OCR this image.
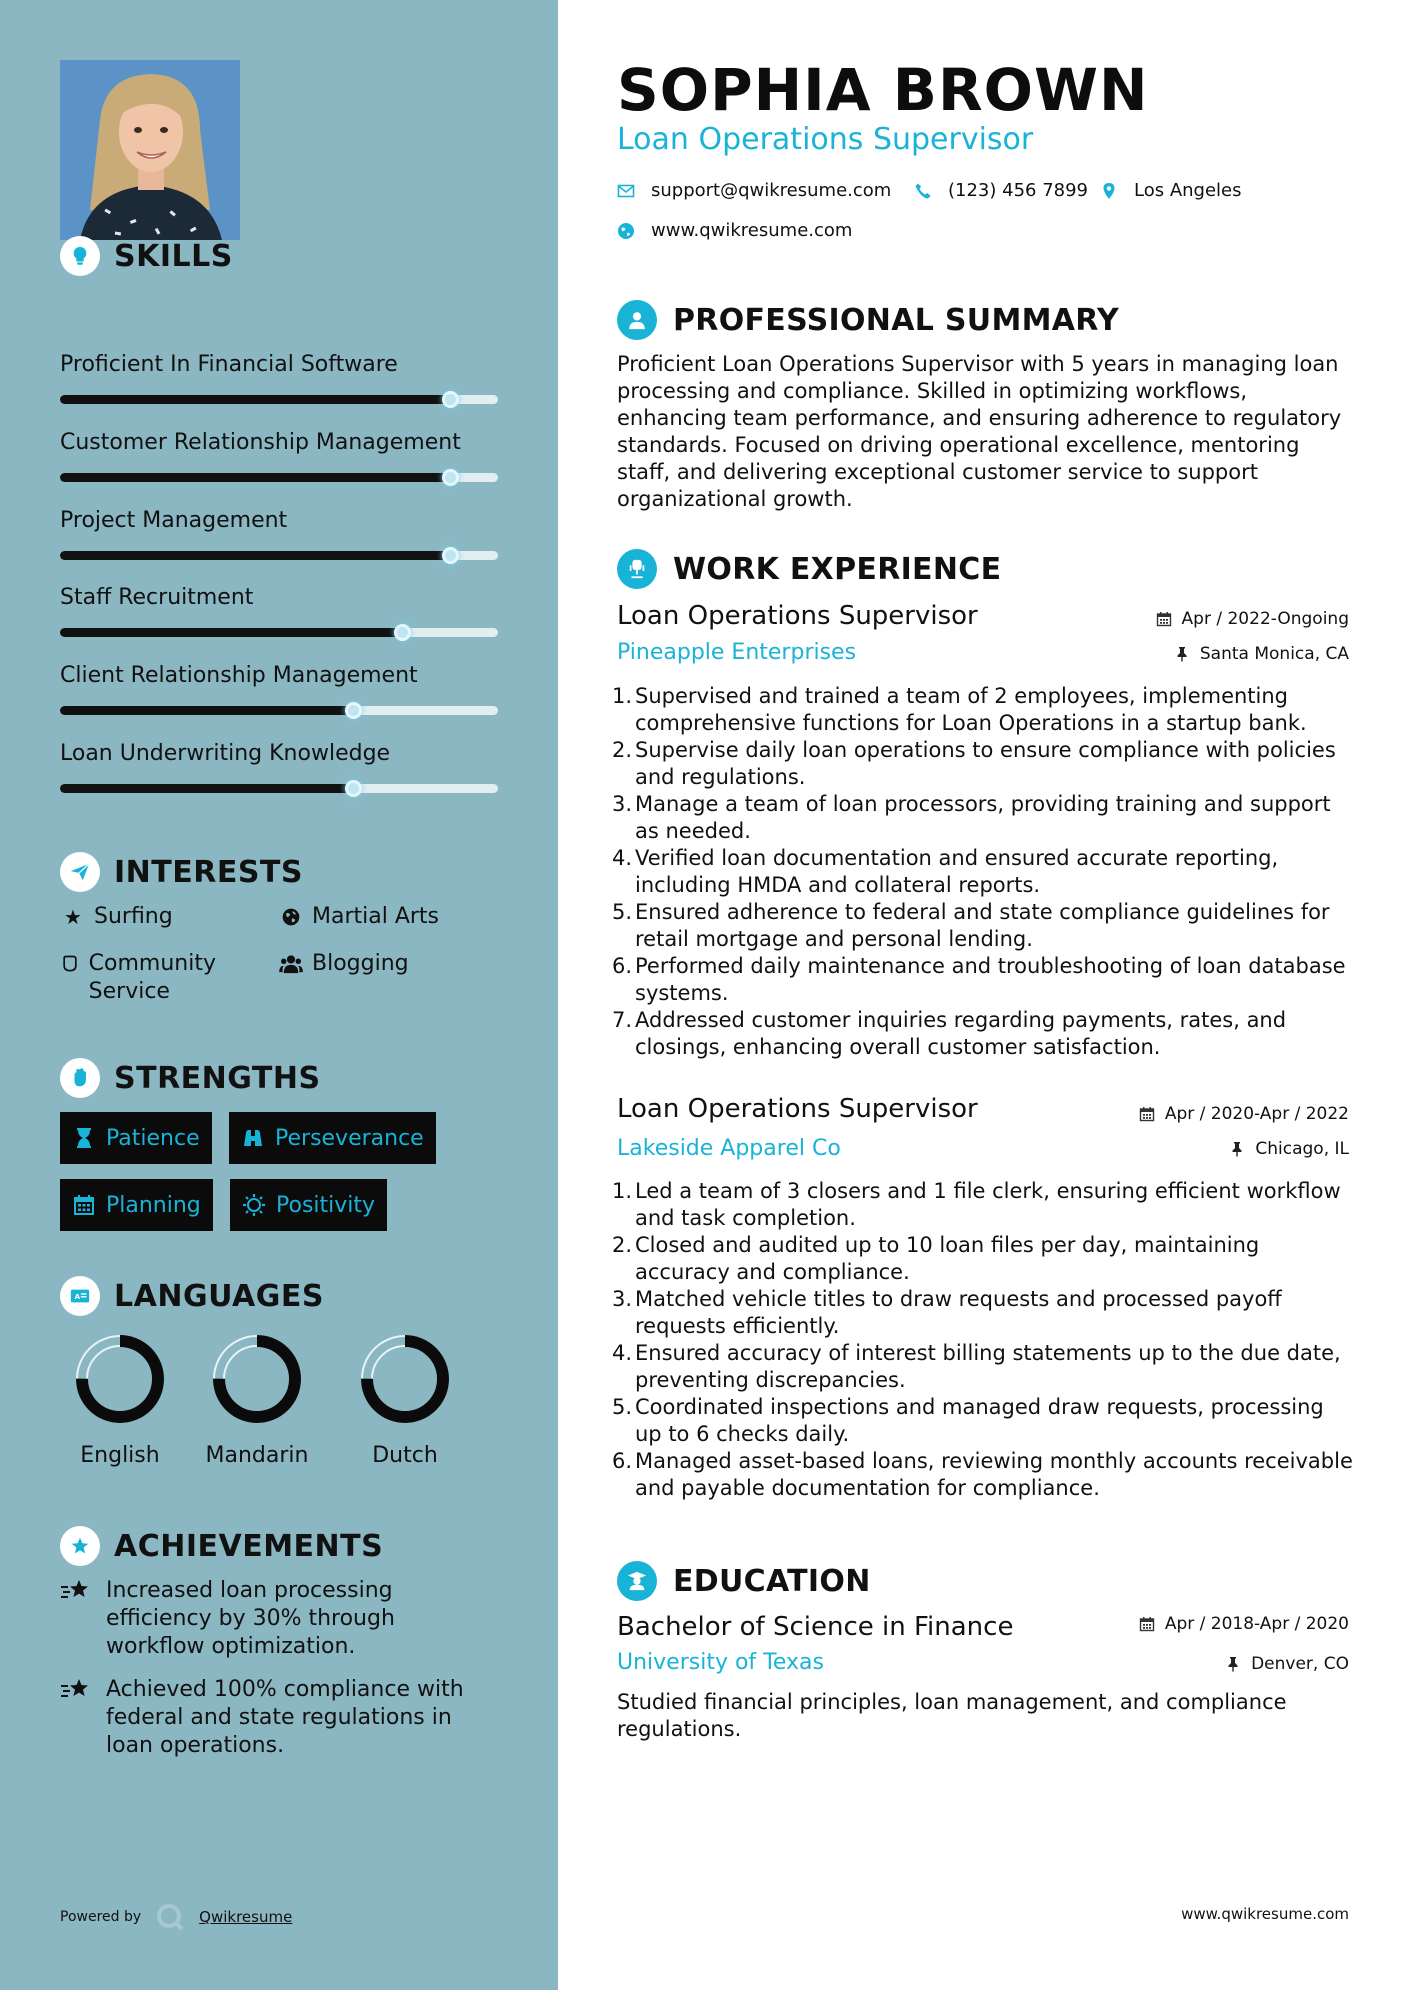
SKILLS
Proficient In Financial Software
Customer Relationship Management
Project Management
Staff Recruitment
Client Relationship Management
Loan Underwriting Knowledge
INTERESTS
★ Surfing	Martial Arts
Community Service
Blogging
STRENGTHS
Patience	Perseverance
Planning	Positivity
A LANGUAGES
English	Mandarin	Dutch
ACHIEVEMENTS
Increased loan processing efficiency by 30% through workflow optimization.
Achieved 100% compliance with federal and state regulations in loan operations.
Powered by	Qwikresume
SOPHIA BROWN
Loan Operations Supervisor
support@qwikresume.com	(123) 456 7899	Los Angeles
www.qwikresume.com
PROFESSIONAL SUMMARY
Proficient Loan Operations Supervisor with 5 years in managing loan processing and compliance. Skilled in optimizing workflows, enhancing team performance, and ensuring adherence to regulatory standards. Focused on driving operational excellence, mentoring staff, and delivering exceptional customer service to support organizational growth.
WORK EXPERIENCE
Loan Operations Supervisor	Apr / 2022-Ongoing
Pineapple Enterprises	Santa Monica, CA
1. Supervised and trained a team of 2 employees, implementing comprehensive functions for Loan Operations in a startup bank.
2. Supervise daily loan operations to ensure compliance with policies and regulations.
3. Manage a team of loan processors, providing training and support as needed.
4. Verified loan documentation and ensured accurate reporting, including HMDA and collateral reports.
5. Ensured adherence to federal and state compliance guidelines for retail mortgage and personal lending.
6. Performed daily maintenance and troubleshooting of loan database systems.
7. Addressed customer inquiries regarding payments, rates, and closings, enhancing overall customer satisfaction.
Loan Operations Supervisor	Apr / 2020-Apr / 2022
Lakeside Apparel Co	Chicago, IL
1. Led a team of 3 closers and 1 file clerk, ensuring efficient workflow and task completion.
2. Closed and audited up to 10 loan files per day, maintaining accuracy and compliance.
3. Matched vehicle titles to draw requests and processed payoff requests efficiently.
4. Ensured accuracy of interest billing statements up to the due date, preventing discrepancies.
5. Coordinated inspections and managed draw requests, processing up to 6 checks daily.
6. Managed asset-based loans, reviewing monthly accounts receivable and payable documentation for compliance.
EDUCATION
Bachelor of Science in Finance	Apr / 2018-Apr / 2020
University of Texas	Denver, CO
Studied financial principles, loan management, and compliance regulations.
www.qwikresume.com
